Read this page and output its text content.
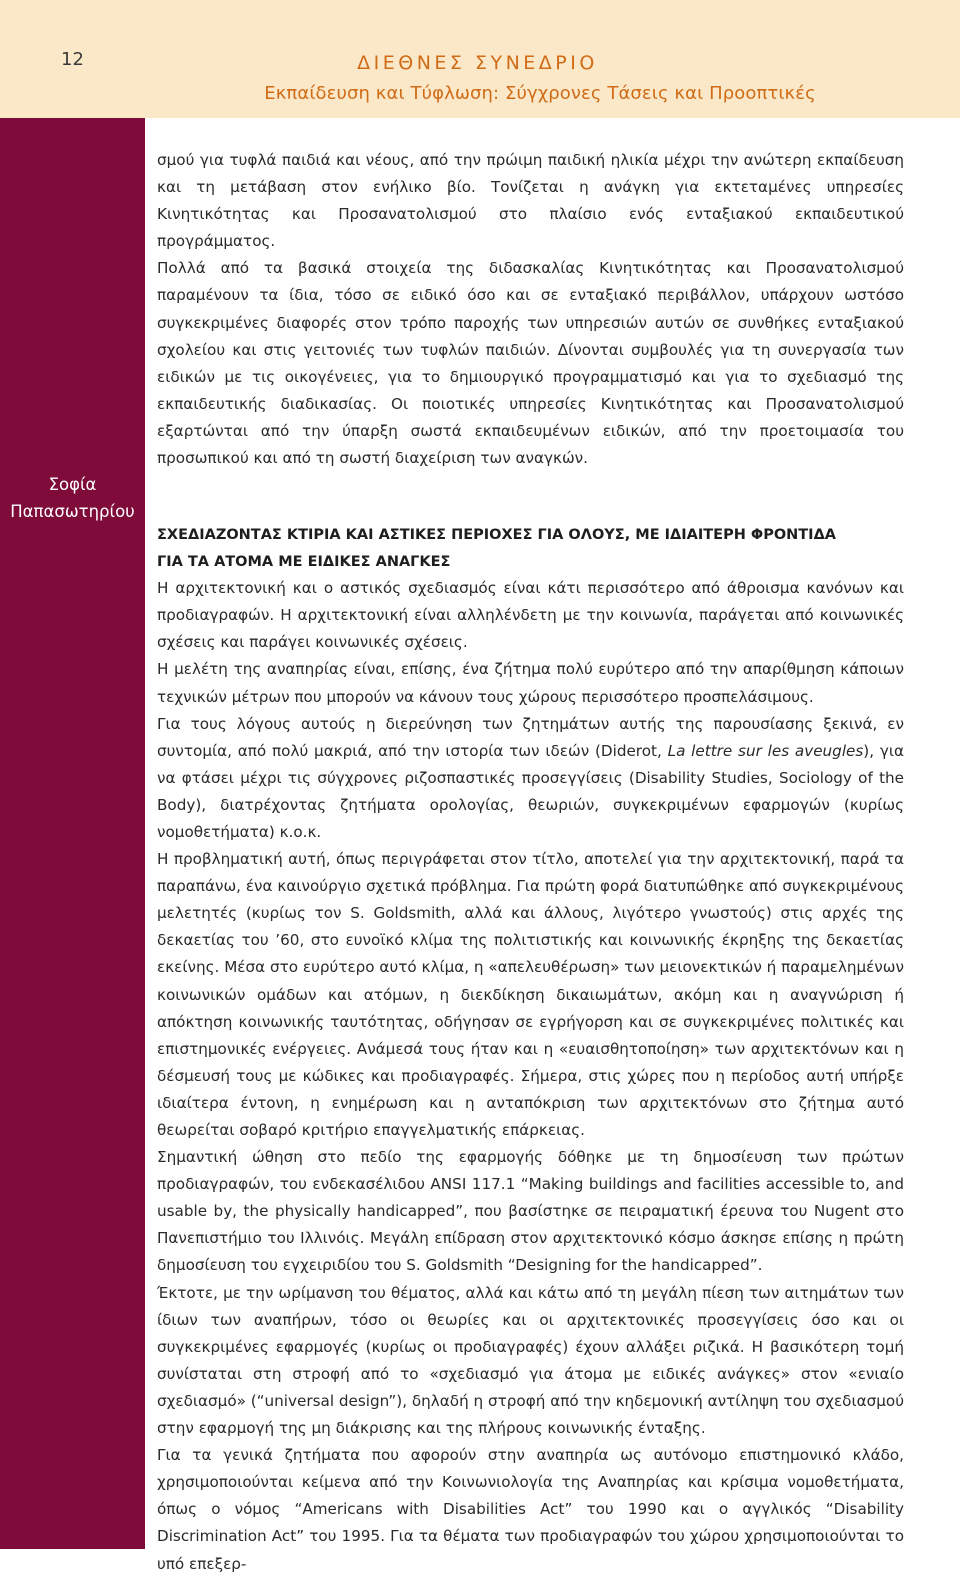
12	ΔΙΕΘΝΕΣ ΣΥΝΕΔΡΙΟ
Εκπαίδευση και Τύφλωση: Σύγχρονες Τάσεις και Προοπτικές
Σοφία
Παπασωτηρίου

σμού για τυφλά παιδιά και νέους, από την πρώιμη παιδική ηλικία μέχρι την ανώτερη εκπαίδευση και τη μετάβαση στον ενήλικο βίο. Τονίζεται η ανάγκη για εκτεταμένες υπηρεσίες Κινητικότητας και Προσανατολισμού στο πλαίσιο ενός ενταξιακού εκπαιδευτικού προγράμματος.

Πολλά από τα βασικά στοιχεία της διδασκαλίας Κινητικότητας και Προσανατολισμού παραμένουν τα ίδια, τόσο σε ειδικό όσο και σε ενταξιακό περιβάλλον, υπάρχουν ωστόσο συγκεκριμένες διαφορές στον τρόπο παροχής των υπηρεσιών αυτών σε συνθήκες ενταξιακού σχολείου και στις γειτονιές των τυφλών παιδιών. Δίνονται συμβουλές για τη συνεργασία των ειδικών με τις οικογένειες, για το δημιουργικό προγραμματισμό και για το σχεδιασμό της εκπαιδευτικής διαδικασίας. Οι ποιοτικές υπηρεσίες Κινητικότητας και Προσανατολισμού εξαρτώνται από την ύπαρξη σωστά εκπαιδευμένων ειδικών, από την προετοιμασία του προσωπικού και από τη σωστή διαχείριση των αναγκών.

ΣΧΕΔΙΑΖΟΝΤΑΣ ΚΤΙΡΙΑ ΚΑΙ ΑΣΤΙΚΕΣ ΠΕΡΙΟΧΕΣ ΓΙΑ ΟΛΟΥΣ, ΜΕ ΙΔΙΑΙΤΕΡΗ ΦΡΟΝΤΙΔΑ
ΓΙΑ ΤΑ ΑΤΟΜΑ ΜΕ ΕΙΔΙΚΕΣ ΑΝΑΓΚΕΣ

Η αρχιτεκτονική και ο αστικός σχεδιασμός είναι κάτι περισσότερο από άθροισμα κανόνων και προδιαγραφών. Η αρχιτεκτονική είναι αλληλένδετη με την κοινωνία, παράγεται από κοινωνικές σχέσεις και παράγει κοινωνικές σχέσεις.

Η μελέτη της αναπηρίας είναι, επίσης, ένα ζήτημα πολύ ευρύτερο από την απαρίθμηση κάποιων τεχνικών μέτρων που μπορούν να κάνουν τους χώρους περισσότερο προσπελάσιμους.

Για τους λόγους αυτούς η διερεύνηση των ζητημάτων αυτής της παρουσίασης ξεκινά, εν συντομία, από πολύ μακριά, από την ιστορία των ιδεών (Diderot, La lettre sur les aveugles), για να φτάσει μέχρι τις σύγχρονες ριζοσπαστικές προσεγγίσεις (Disability Studies, Sociology of the Body), διατρέχοντας ζητήματα ορολογίας, θεωριών, συγκεκριμένων εφαρμογών (κυρίως νομοθετήματα) κ.ο.κ.

Η προβληματική αυτή, όπως περιγράφεται στον τίτλο, αποτελεί για την αρχιτεκτονική, παρά τα παραπάνω, ένα καινούργιο σχετικά πρόβλημα. Για πρώτη φορά διατυπώθηκε από συγκεκριμένους μελετητές (κυρίως τον S. Goldsmith, αλλά και άλλους, λιγότερο γνωστούς) στις αρχές της δεκαετίας του ’60, στο ευνοϊκό κλίμα της πολιτιστικής και κοινωνικής έκρηξης της δεκαετίας εκείνης. Μέσα στο ευρύτερο αυτό κλίμα, η «απελευθέρωση» των μειονεκτικών ή παραμελημένων κοινωνικών ομάδων και ατόμων, η διεκδίκηση δικαιωμάτων, ακόμη και η αναγνώριση ή απόκτηση κοινωνικής ταυτότητας, οδήγησαν σε εγρήγορση και σε συγκεκριμένες πολιτικές και επιστημονικές ενέργειες. Ανάμεσά τους ήταν και η «ευαισθητοποίηση» των αρχιτεκτόνων και η δέσμευσή τους με κώδικες και προδιαγραφές. Σήμερα, στις χώρες που η περίοδος αυτή υπήρξε ιδιαίτερα έντονη, η ενημέρωση και η ανταπόκριση των αρχιτεκτόνων στο ζήτημα αυτό θεωρείται σοβαρό κριτήριο επαγγελματικής επάρκειας.

Σημαντική ώθηση στο πεδίο της εφαρμογής δόθηκε με τη δημοσίευση των πρώτων προδιαγραφών, του ενδεκασέλιδου ANSI 117.1 “Making buildings and facilities accessible to, and usable by, the physically handicapped”, που βασίστηκε σε πειραματική έρευνα του Nugent στο Πανεπιστήμιο του Ιλλινόις. Μεγάλη επίδραση στον αρχιτεκτονικό κόσμο άσκησε επίσης η πρώτη δημοσίευση του εγχειριδίου του S. Goldsmith “Designing for the handicapped”.

Έκτοτε, με την ωρίμανση του θέματος, αλλά και κάτω από τη μεγάλη πίεση των αιτημάτων των ίδιων των αναπήρων, τόσο οι θεωρίες και οι αρχιτεκτονικές προσεγγίσεις όσο και οι συγκεκριμένες εφαρμογές (κυρίως οι προδιαγραφές) έχουν αλλάξει ριζικά. Η βασικότερη τομή συνίσταται στη στροφή από το «σχεδιασμό για άτομα με ειδικές ανάγκες» στον «ενιαίο σχεδιασμό» (“universal design”), δηλαδή η στροφή από την κηδεμονική αντίληψη του σχεδιασμού στην εφαρμογή της μη διάκρισης και της πλήρους κοινωνικής ένταξης.

Για τα γενικά ζητήματα που αφορούν στην αναπηρία ως αυτόνομο επιστημονικό κλάδο, χρησιμοποιούνται κείμενα από την Κοινωνιολογία της Αναπηρίας και κρίσιμα νομοθετήματα, όπως ο νόμος “Americans with Disabilities Act” του 1990 και ο αγγλικός “Disability Discrimination Act” του 1995. Για τα θέματα των προδιαγραφών του χώρου χρησιμοποιούνται το υπό επεξερ-
